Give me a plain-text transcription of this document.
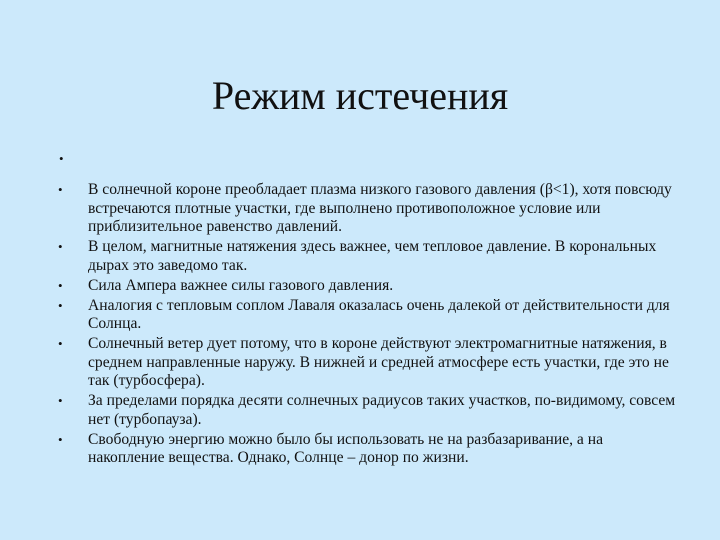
Режим истечения
•
•	В солнечной короне преобладает плазма низкого газового давления (β<1), хотя повсюду встречаются плотные участки, где выполнено противоположное условие или приблизительное равенство давлений.
•	В целом, магнитные натяжения здесь важнее, чем тепловое давление. В корональных дырах это заведомо так.
•	Сила Ампера важнее силы газового давления.
•	Аналогия с тепловым соплом Лаваля оказалась очень далекой от действительности для Солнца.
•	Солнечный ветер дует потому, что в короне действуют электромагнитные натяжения, в среднем направленные наружу. В нижней и средней атмосфере есть участки, где это не так (турбосфера).
•	За пределами порядка десяти солнечных радиусов таких участков, по-видимому, совсем нет (турбопауза).
•	Свободную энергию можно было бы использовать не на разбазаривание, а на накопление вещества. Однако, Солнце – донор по жизни.
